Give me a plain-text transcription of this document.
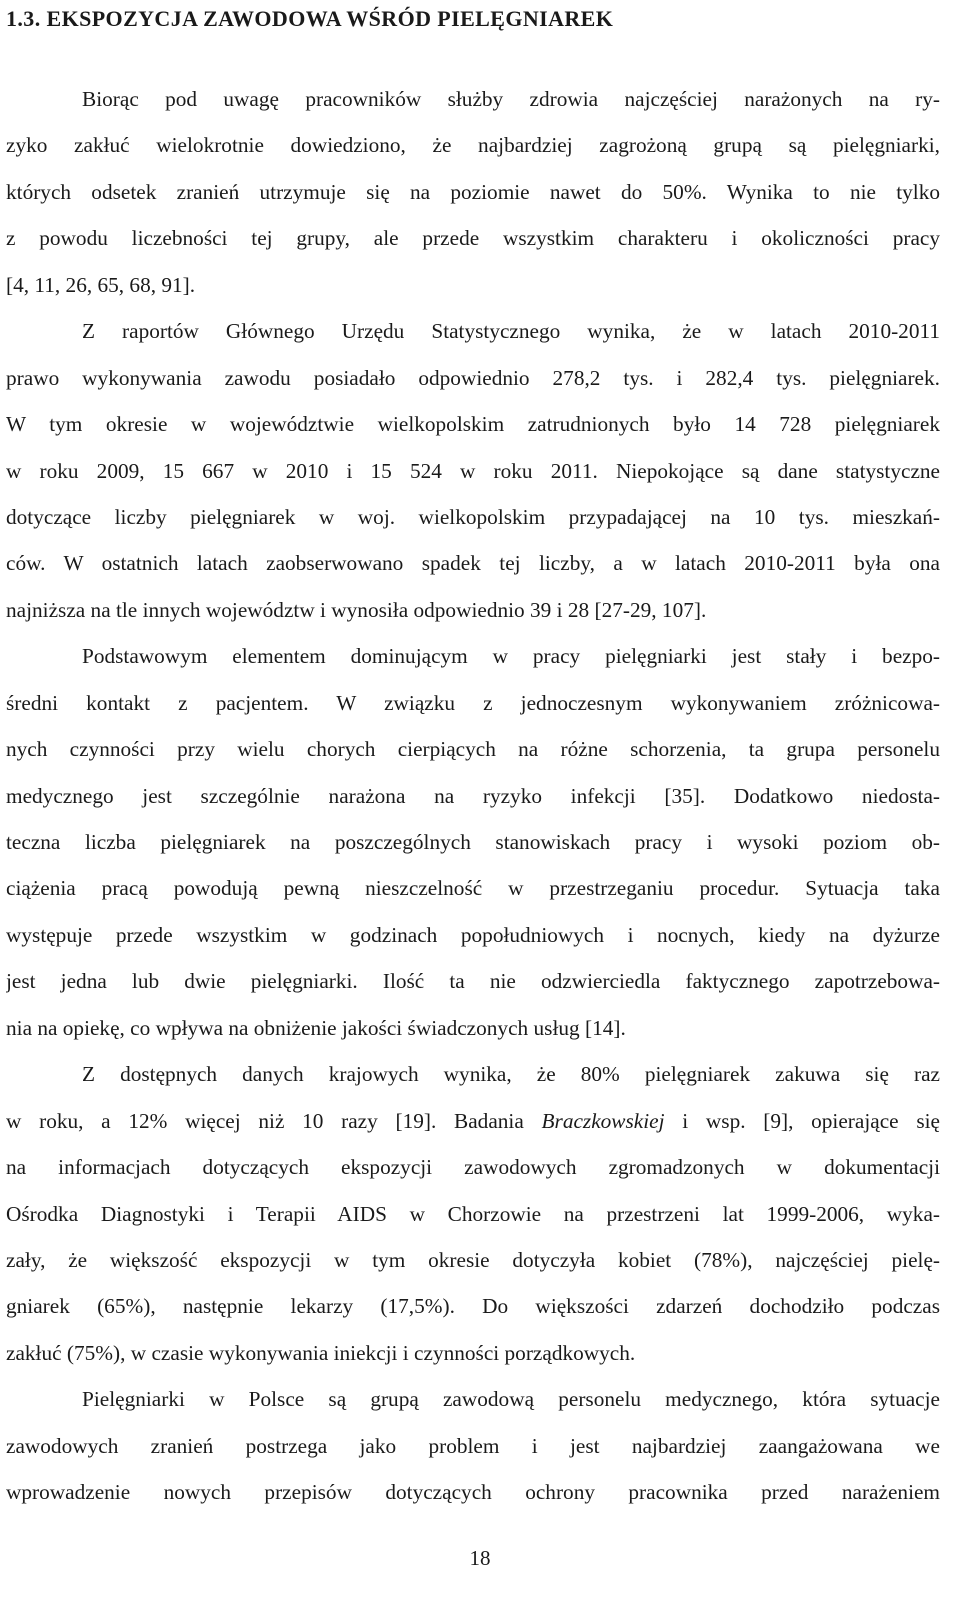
1.3. EKSPOZYCJA ZAWODOWA WŚRÓD PIELĘGNIAREK
Biorąc pod uwagę pracowników służby zdrowia najczęściej narażonych na ry-
zyko zakłuć wielokrotnie dowiedziono, że najbardziej zagrożoną grupą są pielęgniarki,
których odsetek zranień utrzymuje się na poziomie nawet do 50%. Wynika to nie tylko
z powodu liczebności tej grupy, ale przede wszystkim charakteru i okoliczności pracy
[4, 11, 26, 65, 68, 91].
Z raportów Głównego Urzędu Statystycznego wynika, że w latach 2010-2011
prawo wykonywania zawodu posiadało odpowiednio 278,2 tys. i 282,4 tys. pielęgniarek.
W tym okresie w województwie wielkopolskim zatrudnionych było 14 728 pielęgniarek
w roku 2009, 15 667 w 2010 i 15 524 w roku 2011. Niepokojące są dane statystyczne
dotyczące liczby pielęgniarek w woj. wielkopolskim przypadającej na 10 tys. mieszkań-
ców. W ostatnich latach zaobserwowano spadek tej liczby, a w latach 2010-2011 była ona
najniższa na tle innych województw i wynosiła odpowiednio 39 i 28 [27-29, 107].
Podstawowym elementem dominującym w pracy pielęgniarki jest stały i bezpo-
średni kontakt z pacjentem. W związku z jednoczesnym wykonywaniem zróżnicowa-
nych czynności przy wielu chorych cierpiących na różne schorzenia, ta grupa personelu
medycznego jest szczególnie narażona na ryzyko infekcji [35]. Dodatkowo niedosta-
teczna liczba pielęgniarek na poszczególnych stanowiskach pracy i wysoki poziom ob-
ciążenia pracą powodują pewną nieszczelność w przestrzeganiu procedur. Sytuacja taka
występuje przede wszystkim w godzinach popołudniowych i nocnych, kiedy na dyżurze
jest jedna lub dwie pielęgniarki. Ilość ta nie odzwierciedla faktycznego zapotrzebowa-
nia na opiekę, co wpływa na obniżenie jakości świadczonych usług [14].
Z dostępnych danych krajowych wynika, że 80% pielęgniarek zakuwa się raz
w roku, a 12% więcej niż 10 razy [19]. Badania Braczkowskiej i wsp. [9], opierające się
na informacjach dotyczących ekspozycji zawodowych zgromadzonych w dokumentacji
Ośrodka Diagnostyki i Terapii AIDS w Chorzowie na przestrzeni lat 1999-2006, wyka-
zały, że większość ekspozycji w tym okresie dotyczyła kobiet (78%), najczęściej pielę-
gniarek (65%), następnie lekarzy (17,5%). Do większości zdarzeń dochodziło podczas
zakłuć (75%), w czasie wykonywania iniekcji i czynności porządkowych.
Pielęgniarki w Polsce są grupą zawodową personelu medycznego, która sytuacje
zawodowych zranień postrzega jako problem i jest najbardziej zaangażowana we
wprowadzenie nowych przepisów dotyczących ochrony pracownika przed narażeniem
18
